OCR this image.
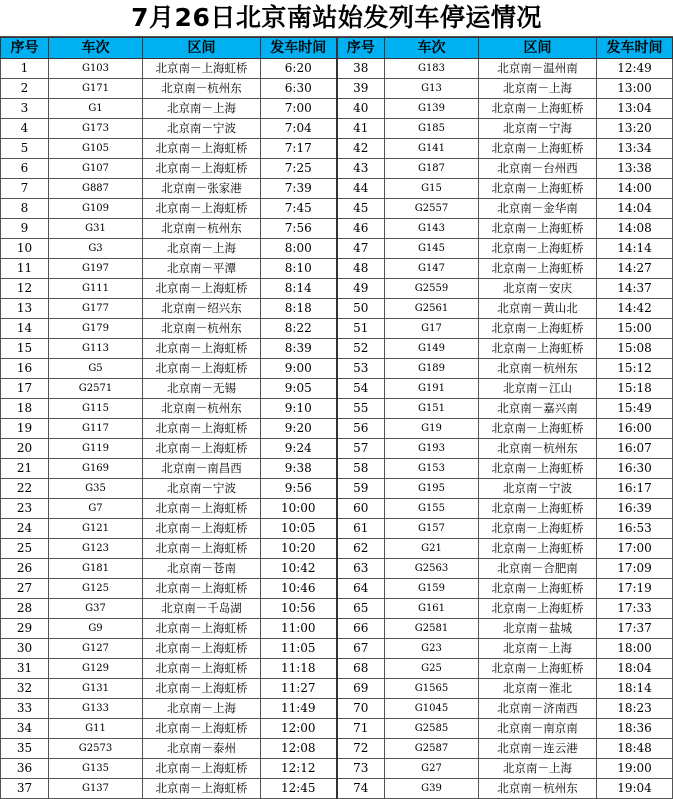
7月26日北京南站始发列车停运情况
序号	车次	区间	发车时间	序号	车次	区间	发车时间
1	G103	北京南－上海虹桥	6:20	38	G183	北京南－温州南	12:49
2	G171	北京南－杭州东	6:30	39	G13	北京南－上海	13:00
3	G1	北京南－上海	7:00	40	G139	北京南－上海虹桥	13:04
4	G173	北京南－宁波	7:04	41	G185	北京南－宁海	13:20
5	G105	北京南－上海虹桥	7:17	42	G141	北京南－上海虹桥	13:34
6	G107	北京南－上海虹桥	7:25	43	G187	北京南－台州西	13:38
7	G887	北京南－张家港	7:39	44	G15	北京南－上海虹桥	14:00
8	G109	北京南－上海虹桥	7:45	45	G2557	北京南－金华南	14:04
9	G31	北京南－杭州东	7:56	46	G143	北京南－上海虹桥	14:08
10	G3	北京南－上海	8:00	47	G145	北京南－上海虹桥	14:14
11	G197	北京南－平潭	8:10	48	G147	北京南－上海虹桥	14:27
12	G111	北京南－上海虹桥	8:14	49	G2559	北京南－安庆	14:37
13	G177	北京南－绍兴东	8:18	50	G2561	北京南－黄山北	14:42
14	G179	北京南－杭州东	8:22	51	G17	北京南－上海虹桥	15:00
15	G113	北京南－上海虹桥	8:39	52	G149	北京南－上海虹桥	15:08
16	G5	北京南－上海虹桥	9:00	53	G189	北京南－杭州东	15:12
17	G2571	北京南－无锡	9:05	54	G191	北京南－江山	15:18
18	G115	北京南－杭州东	9:10	55	G151	北京南－嘉兴南	15:49
19	G117	北京南－上海虹桥	9:20	56	G19	北京南－上海虹桥	16:00
20	G119	北京南－上海虹桥	9:24	57	G193	北京南－杭州东	16:07
21	G169	北京南－南昌西	9:38	58	G153	北京南－上海虹桥	16:30
22	G35	北京南－宁波	9:56	59	G195	北京南－宁波	16:17
23	G7	北京南－上海虹桥	10:00	60	G155	北京南－上海虹桥	16:39
24	G121	北京南－上海虹桥	10:05	61	G157	北京南－上海虹桥	16:53
25	G123	北京南－上海虹桥	10:20	62	G21	北京南－上海虹桥	17:00
26	G181	北京南－苍南	10:42	63	G2563	北京南－合肥南	17:09
27	G125	北京南－上海虹桥	10:46	64	G159	北京南－上海虹桥	17:19
28	G37	北京南－千岛湖	10:56	65	G161	北京南－上海虹桥	17:33
29	G9	北京南－上海虹桥	11:00	66	G2581	北京南－盐城	17:37
30	G127	北京南－上海虹桥	11:05	67	G23	北京南－上海	18:00
31	G129	北京南－上海虹桥	11:18	68	G25	北京南－上海虹桥	18:04
32	G131	北京南－上海虹桥	11:27	69	G1565	北京南－淮北	18:14
33	G133	北京南－上海	11:49	70	G1045	北京南－济南西	18:23
34	G11	北京南－上海虹桥	12:00	71	G2585	北京南－南京南	18:36
35	G2573	北京南－泰州	12:08	72	G2587	北京南－连云港	18:48
36	G135	北京南－上海虹桥	12:12	73	G27	北京南－上海	19:00
37	G137	北京南－上海虹桥	12:45	74	G39	北京南－杭州东	19:04
